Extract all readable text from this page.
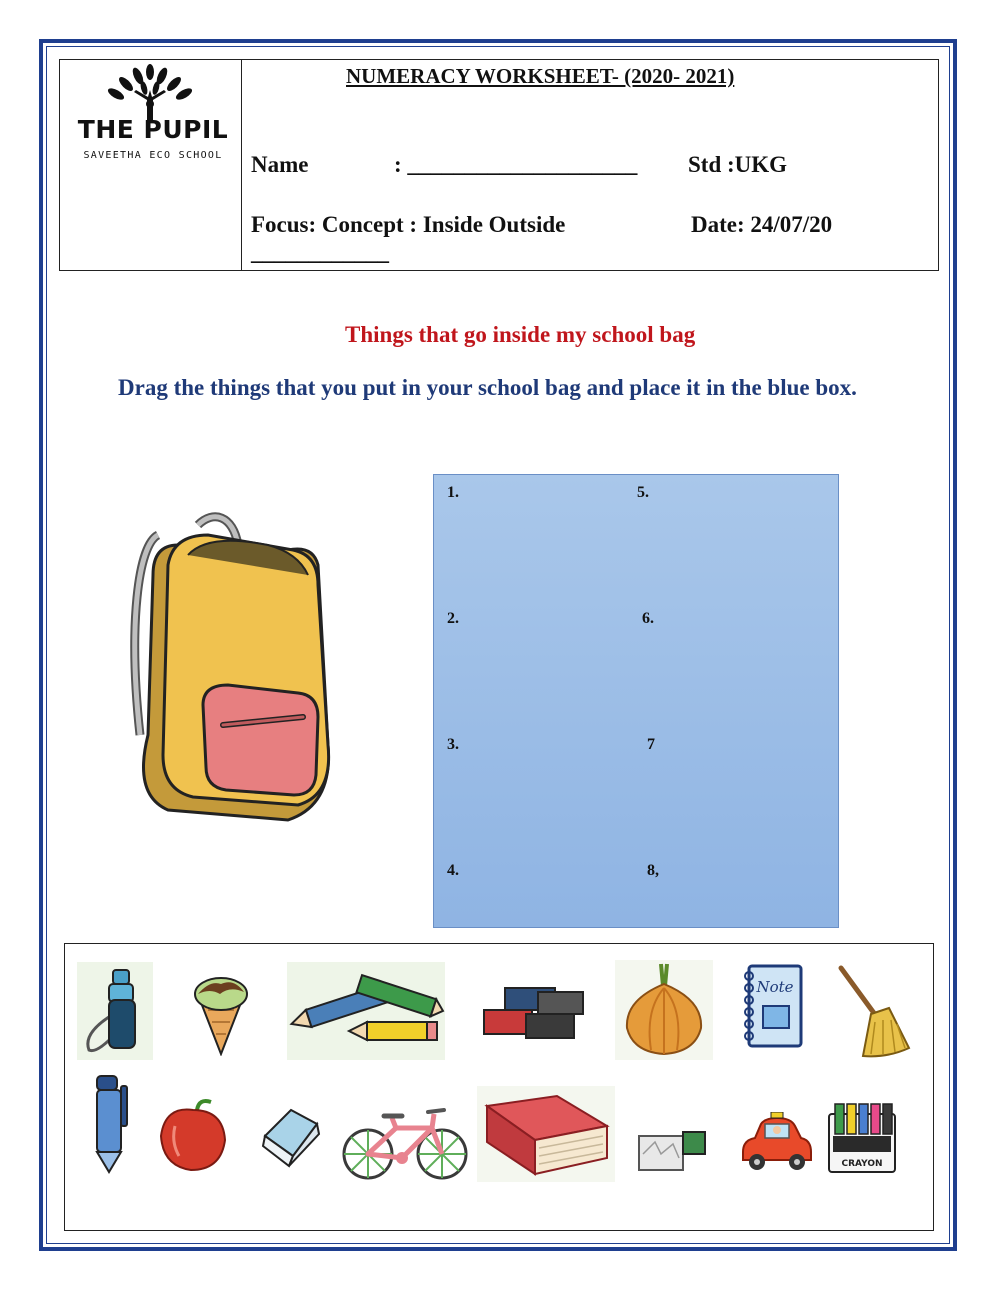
THE PUPIL
SAVEETHA ECO SCHOOL
NUMERACY WORKSHEET- (2020- 2021)
Name	: ____________________ Std :UKG
Focus: Concept : Inside Outside	Date: 24/07/20
____________
Things that go inside my school bag
Drag the things that you put in your school bag and place it in the blue box.
1.
2.
3.
4.
5.
6.
7
8,
Note
CRAYON
